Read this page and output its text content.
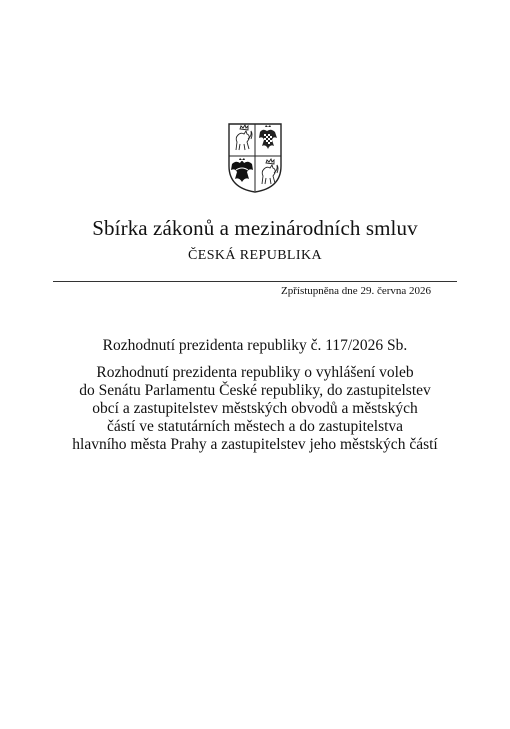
Sbírka zákonů a mezinárodních smluv
ČESKÁ REPUBLIKA
Zpřístupněna dne 29. června 2026
Rozhodnutí prezidenta republiky č. 117/2026 Sb.
Rozhodnutí prezidenta republiky o vyhlášení voleb
do Senátu Parlamentu České republiky, do zastupitelstev
obcí a zastupitelstev městských obvodů a městských
částí ve statutárních městech a do zastupitelstva
hlavního města Prahy a zastupitelstev jeho městských částí
